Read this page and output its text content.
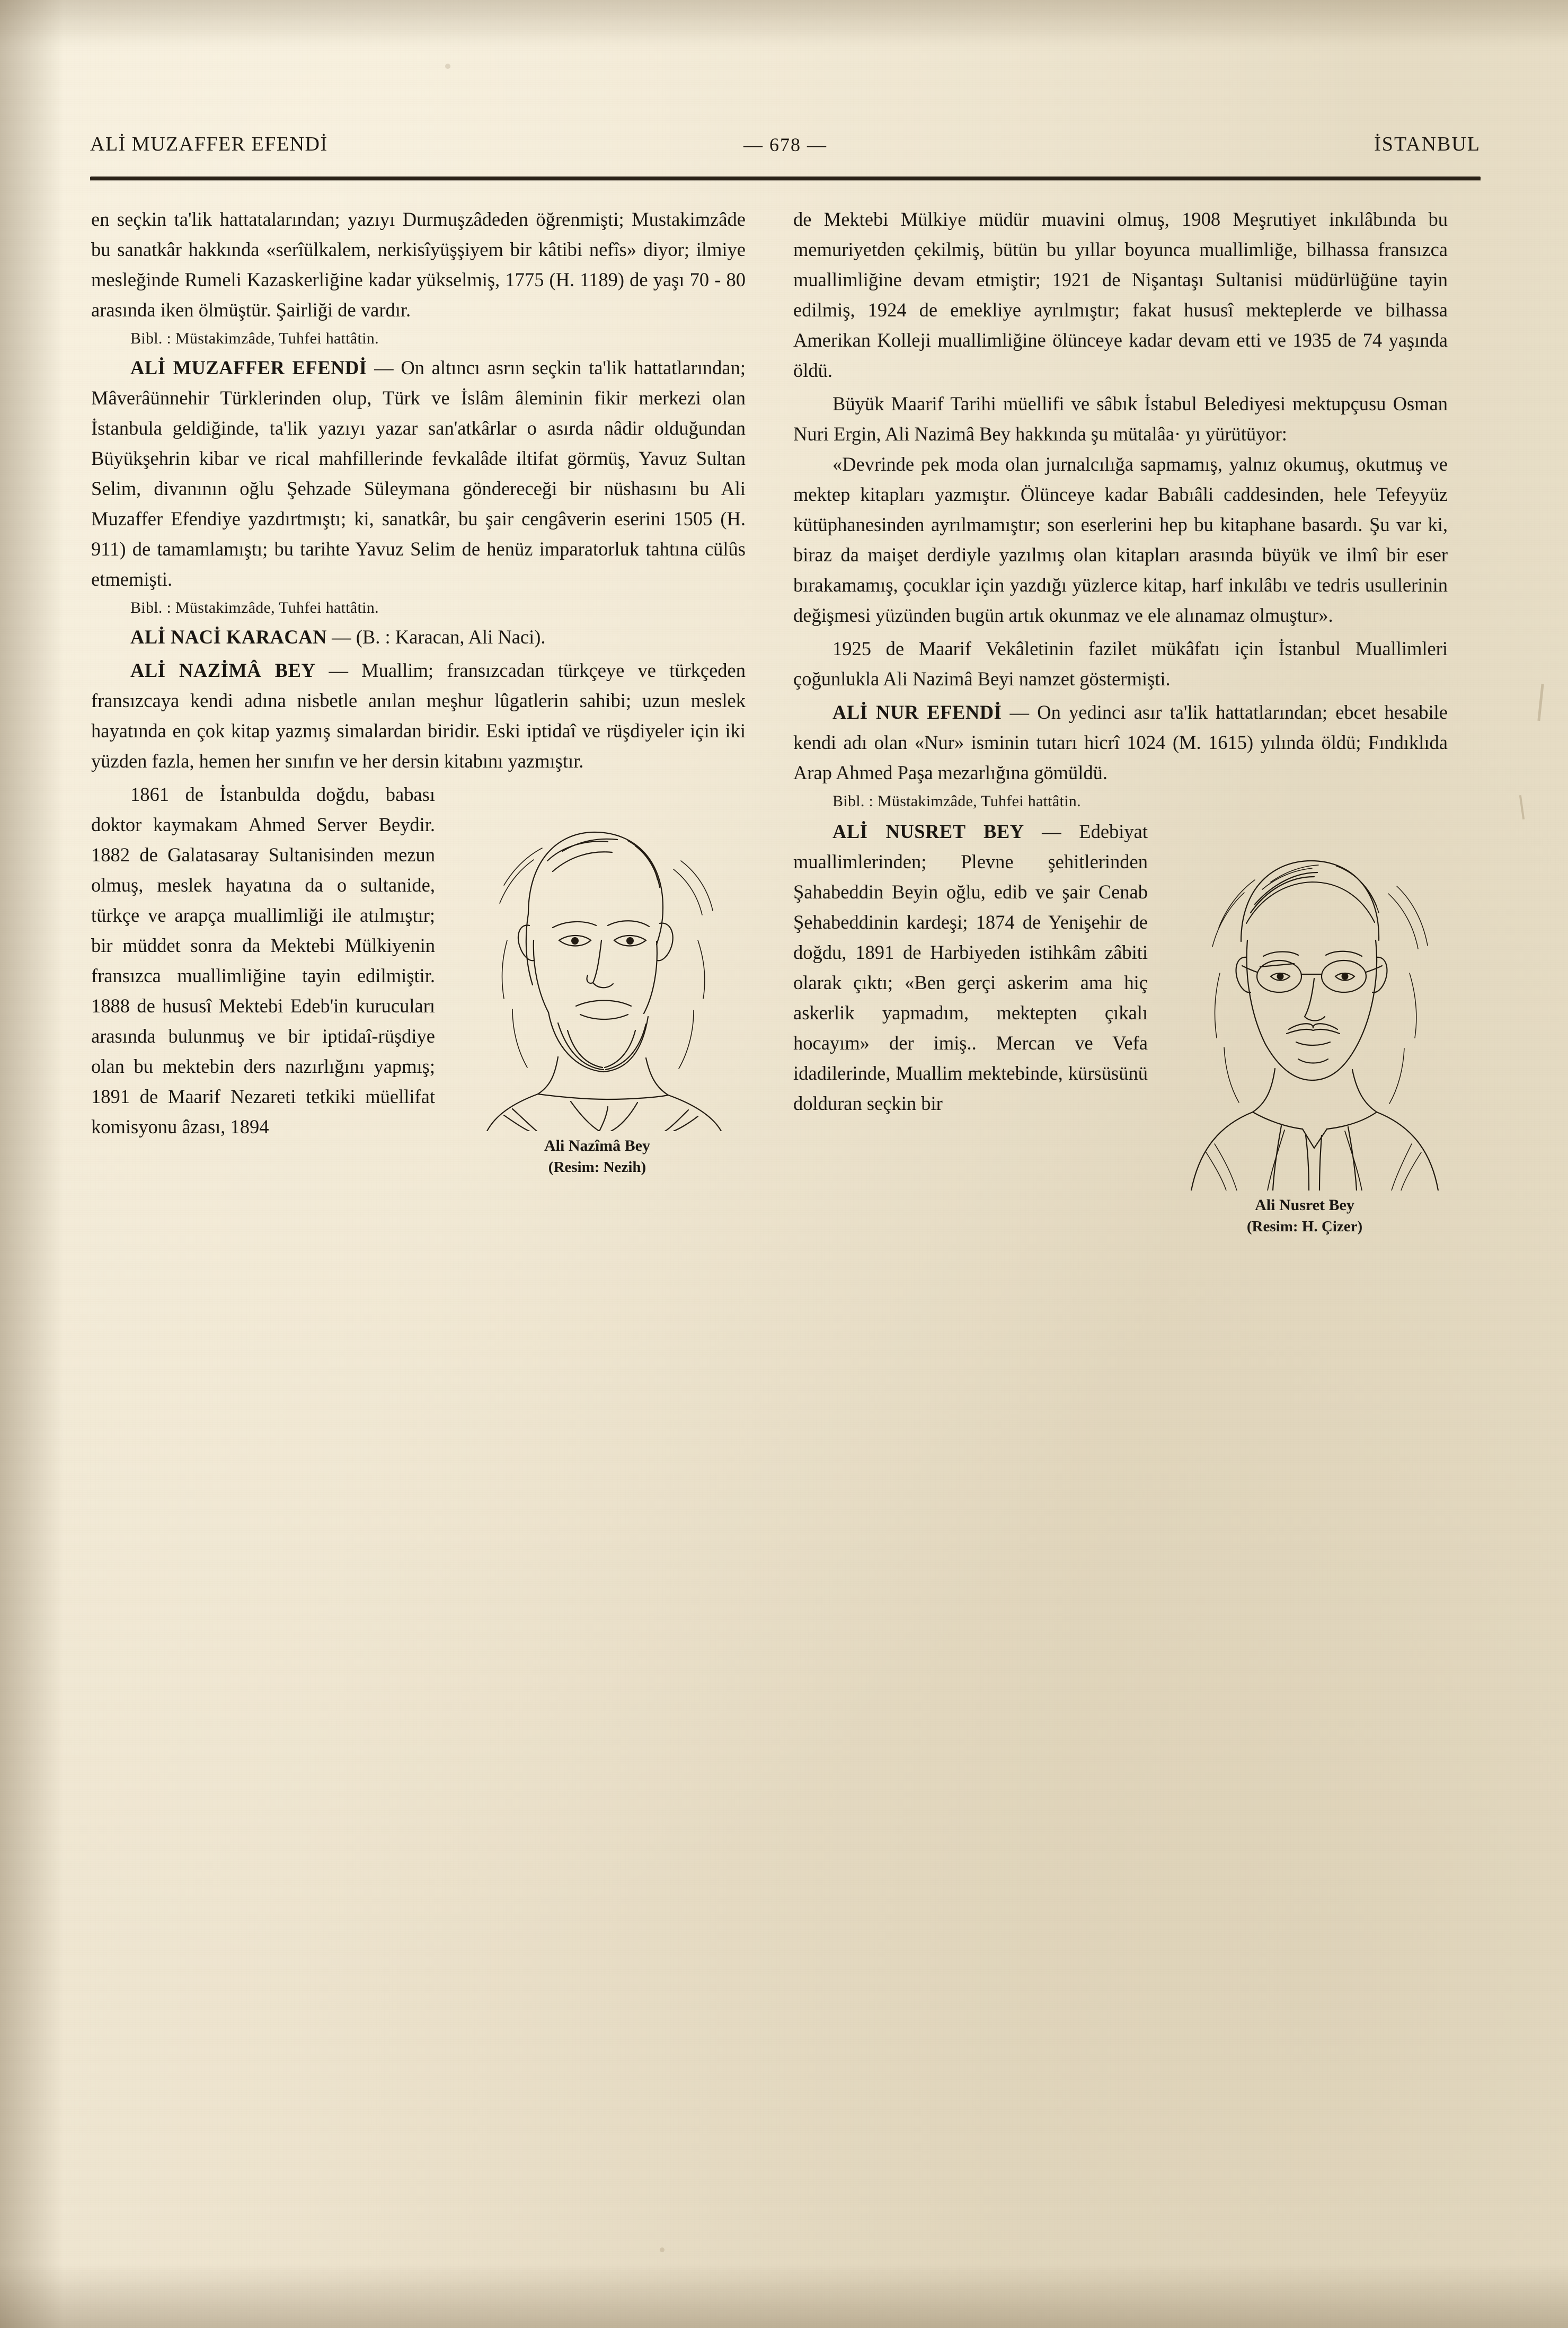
ALİ MUZAFFER EFENDİ	— 678 —	İSTANBUL

en seçkin ta'lik hattatalarından; yazıyı Durmuşzâdeden öğrenmişti; Mustakimzâde bu sanatkâr hakkında «serîülkalem, nerkisîyüşşiyem bir kâtibi nefîs» diyor; ilmiye mesleğinde Rumeli Kazaskerliğine kadar yükselmiş, 1775 (H. 1189) de yaşı 70 - 80 arasında iken ölmüştür. Şairliği de vardır.

Bibl. : Müstakimzâde, Tuhfei hattâtin.

ALİ MUZAFFER EFENDİ — On altıncı asrın seçkin ta'lik hattatlarından; Mâverâünnehir Türklerinden olup, Türk ve İslâm âleminin fikir merkezi olan İstanbula geldiğinde, ta'lik yazıyı yazar san'atkârlar o asırda nâdir olduğundan Büyükşehrin kibar ve rical mahfillerinde fevkalâde iltifat görmüş, Yavuz Sultan Selim, divanının oğlu Şehzade Süleymana göndereceği bir nüshasını bu Ali Muzaffer Efendiye yazdırtmıştı; ki, sanatkâr, bu şair cengâverin eserini 1505 (H. 911) de tamamlamıştı; bu tarihte Yavuz Selim de henüz imparatorluk tahtına cülûs etmemişti.

Bibl. : Müstakimzâde, Tuhfei hattâtin.

ALİ NACİ KARACAN — (B. : Karacan, Ali Naci).

ALİ NAZİMÂ BEY — Muallim; fransızcadan türkçeye ve türkçeden fransızcaya kendi adına nisbetle anılan meşhur lûgatlerin sahibi; uzun meslek hayatında en çok kitap yazmış simalardan biridir. Eski iptidaî ve rüşdiyeler için iki yüzden fazla, hemen her sınıfın ve her dersin kitabını yazmıştır.

Ali Nazîmâ Bey
(Resim: Nezih)

1861 de İstanbulda doğdu, babası doktor kaymakam Ahmed Server Beydir. 1882 de Galatasaray Sultanisinden mezun olmuş, meslek hayatına da o sultanide, türkçe ve arapça muallimliği ile atılmıştır; bir müddet sonra da Mektebi Mülkiyenin fransızca muallimliğine tayin edilmiştir. 1888 de hususî Mektebi Edeb'in kurucuları arasında bulunmuş ve bir iptidaî-rüşdiye olan bu mektebin ders nazırlığını yapmış; 1891 de Maarif Nezareti tetkiki müellifat komisyonu âzası, 1894

de Mektebi Mülkiye müdür muavini olmuş, 1908 Meşrutiyet inkılâbında bu memuriyetden çekilmiş, bütün bu yıllar boyunca muallimliğe, bilhassa fransızca muallimliğine devam etmiştir; 1921 de Nişantaşı Sultanisi müdürlüğüne tayin edilmiş, 1924 de emekliye ayrılmıştır; fakat hususî mekteplerde ve bilhassa Amerikan Kolleji muallimliğine ölünceye kadar devam etti ve 1935 de 74 yaşında öldü.

Büyük Maarif Tarihi müellifi ve sâbık İstabul Belediyesi mektupçusu Osman Nuri Ergin, Ali Nazimâ Bey hakkında şu mütalâa· yı yürütüyor:

«Devrinde pek moda olan jurnalcılığa sapmamış, yalnız okumuş, okutmuş ve mektep kitapları yazmıştır. Ölünceye kadar Babıâli caddesinden, hele Tefeyyüz kütüphanesinden ayrılmamıştır; son eserlerini hep bu kitaphane basardı. Şu var ki, biraz da maişet derdiyle yazılmış olan kitapları arasında büyük ve ilmî bir eser bırakamamış, çocuklar için yazdığı yüzlerce kitap, harf inkılâbı ve tedris usullerinin değişmesi yüzünden bugün artık okunmaz ve ele alınamaz olmuştur».

1925 de Maarif Vekâletinin fazilet mükâfatı için İstanbul Muallimleri çoğunlukla Ali Nazimâ Beyi namzet göstermişti.

ALİ NUR EFENDİ — On yedinci asır ta'lik hattatlarından; ebcet hesabile kendi adı olan «Nur» isminin tutarı hicrî 1024 (M. 1615) yılında öldü; Fındıklıda Arap Ahmed Paşa mezarlığına gömüldü.

Bibl. : Müstakimzâde, Tuhfei hattâtin.

Ali Nusret Bey
(Resim: H. Çizer)

ALİ NUSRET BEY — Edebiyat muallimlerinden; Plevne şehitlerinden Şahabeddin Beyin oğlu, edib ve şair Cenab Şehabeddinin kardeşi; 1874 de Yenişehir de doğdu, 1891 de Harbiyeden istihkâm zâbiti olarak çıktı; «Ben gerçi askerim ama hiç askerlik yapmadım, mektepten çıkalı hocayım» der imiş.. Mercan ve Vefa idadilerinde, Muallim mektebinde, kürsüsünü dolduran seçkin bir
